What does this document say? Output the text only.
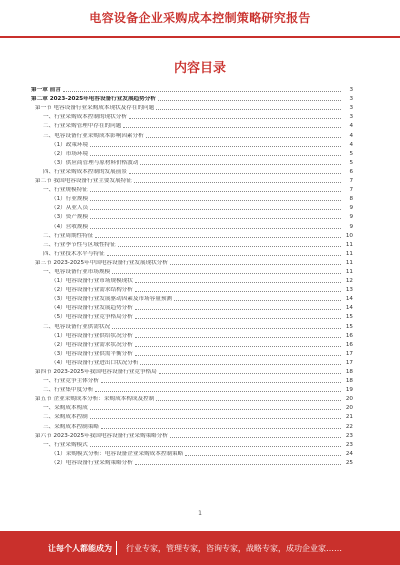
电容设备企业采购成本控制策略研究报告
内容目录
第一章 前言	3
第二章 2023-2025年电容设备行业发展趋势分析	3
第一节 电容设备行业采购成本现状及存在的问题	3
一、行业采购成本控制的现状分析	3
二、行业采购管理中存在的问题	4
三、电容设备行业采购成本影响因素分析	4
（1）政策环境	4
（2）市场环境	5
（3）供应商管理与原材料价格波动	5
四、行业采购成本控制的发展前景	6
第二节 我国电容设备行业主要发展特征	7
一、行业规模特征	7
（1）行业规模	8
（2）从业人员	9
（3）资产规模	9
（4）营收规模	9
二、行业周期性特征	10
三、行业季节性与区域性特征	11
四、行业技术水平与特征	11
第三节 2023-2025年中国电容设备行业发展现状分析	11
一、电容设备行业市场规模	11
（1）电容设备行业市场规模现状	12
（2）电容设备行业需求结构分析	13
（3）电容设备行业发展驱动因素及市场容量预测	14
（4）电容设备行业发展趋势分析	14
（5）电容设备行业竞争格局分析	15
二、电容设备行业供需状况	15
（1）电容设备行业供给状况分析	16
（2）电容设备行业需求状况分析	16
（3）电容设备行业供需平衡分析	17
（4）电容设备行业进出口状况分析	17
第四节 2023-2025年我国电容设备行业竞争格局	18
一、行业竞争主体分析	18
二、行业集中度分析	19
第五节 企业采购成本分析：采购成本构成及控制	20
一、采购成本构成	20
二、采购成本控制	21
三、采购成本控制策略	22
第六节 2023-2025年我国电容设备行业采购策略分析	23
一、行业采购模式	23
（1）采购模式分析：电容设备企业采购成本控制策略	24
（2）电容设备行业采购策略分析	25
1
让每个人都能成为 行业专家，管理专家，咨询专家，战略专家，成功企业家……
